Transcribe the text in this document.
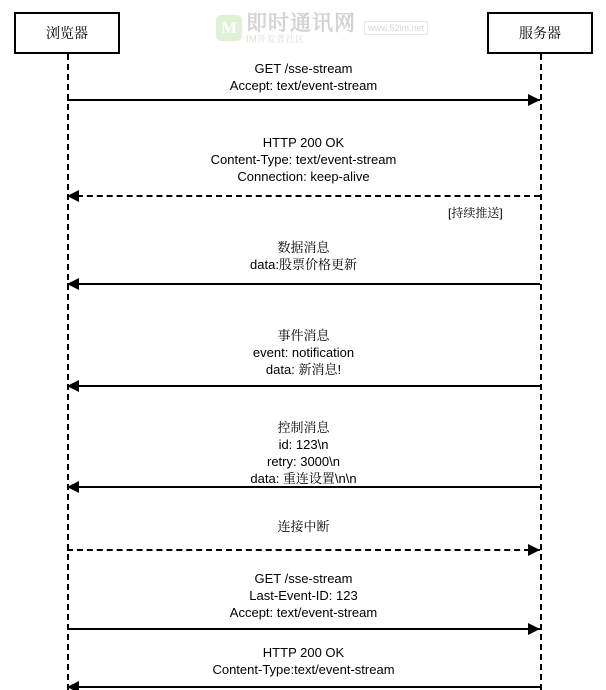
M 即时通讯网
IM开发者社区
www.52im.net
浏览器	服务器
GET /sse-stream
Accept: text/event-stream
HTTP 200 OK
Content-Type: text/event-stream
Connection: keep-alive
[持续推送]
数据消息
data:股票价格更新
事件消息
event: notification
data: 新消息!
控制消息
id: 123\n
retry: 3000\n
data: 重连设置\n\n
连接中断
GET /sse-stream
Last-Event-ID: 123
Accept: text/event-stream
HTTP 200 OK
Content-Type:text/event-stream
